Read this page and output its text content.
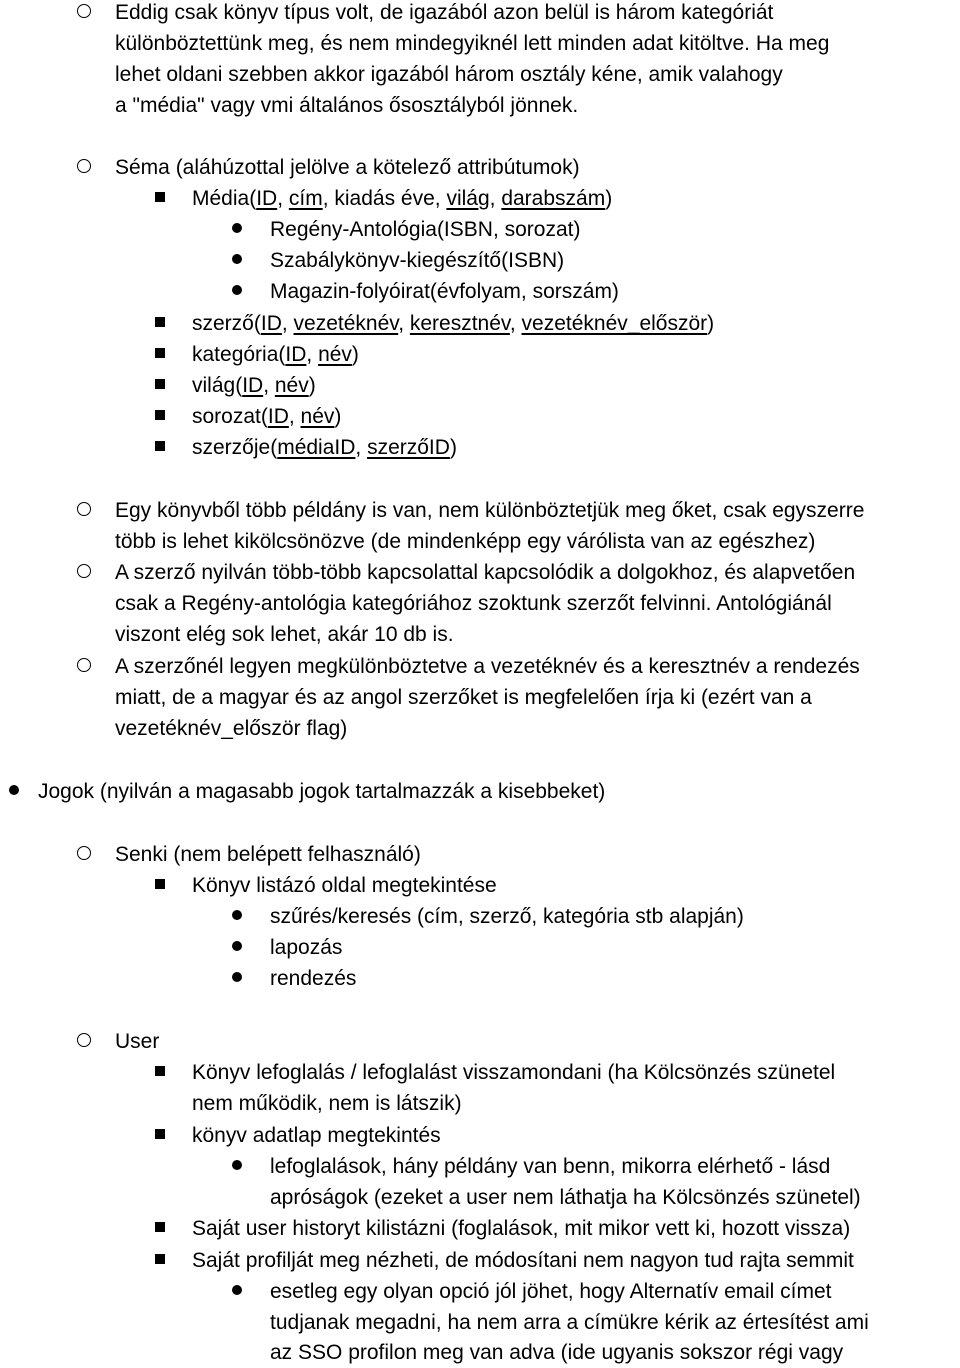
Eddig csak könyv típus volt, de igazából azon belül is három kategóriát
különböztettünk meg, és nem mindegyiknél lett minden adat kitöltve. Ha meg
lehet oldani szebben akkor igazából három osztály kéne, amik valahogy
a "média" vagy vmi általános ősosztályból jönnek.
Séma (aláhúzottal jelölve a kötelező attribútumok)
Média(ID, cím, kiadás éve, világ, darabszám)
Regény-Antológia(ISBN, sorozat)
Szabálykönyv-kiegészítő(ISBN)
Magazin-folyóirat(évfolyam, sorszám)
szerző(ID, vezetéknév, keresztnév, vezetéknév_először)
kategória(ID, név)
világ(ID, név)
sorozat(ID, név)
szerzője(médiaID, szerzőID)
Egy könyvből több példány is van, nem különböztetjük meg őket, csak egyszerre
több is lehet kikölcsönözve (de mindenképp egy várólista van az egészhez)
A szerző nyilván több-több kapcsolattal kapcsolódik a dolgokhoz, és alapvetően
csak a Regény-antológia kategóriához szoktunk szerzőt felvinni. Antológiánál
viszont elég sok lehet, akár 10 db is.
A szerzőnél legyen megkülönböztetve a vezetéknév és a keresztnév a rendezés
miatt, de a magyar és az angol szerzőket is megfelelően írja ki (ezért van a
vezetéknév_először flag)
Jogok (nyilván a magasabb jogok tartalmazzák a kisebbeket)
Senki (nem belépett felhasználó)
Könyv listázó oldal megtekintése
szűrés/keresés (cím, szerző, kategória stb alapján)
lapozás
rendezés
User
Könyv lefoglalás / lefoglalást visszamondani (ha Kölcsönzés szünetel
nem működik, nem is látszik)
könyv adatlap megtekintés
lefoglalások, hány példány van benn, mikorra elérhető - lásd
apróságok (ezeket a user nem láthatja ha Kölcsönzés szünetel)
Saját user historyt kilistázni (foglalások, mit mikor vett ki, hozott vissza)
Saját profilját meg nézheti, de módosítani nem nagyon tud rajta semmit
esetleg egy olyan opció jól jöhet, hogy Alternatív email címet
tudjanak megadni, ha nem arra a címükre kérik az értesítést ami
az SSO profilon meg van adva (ide ugyanis sokszor régi vagy
